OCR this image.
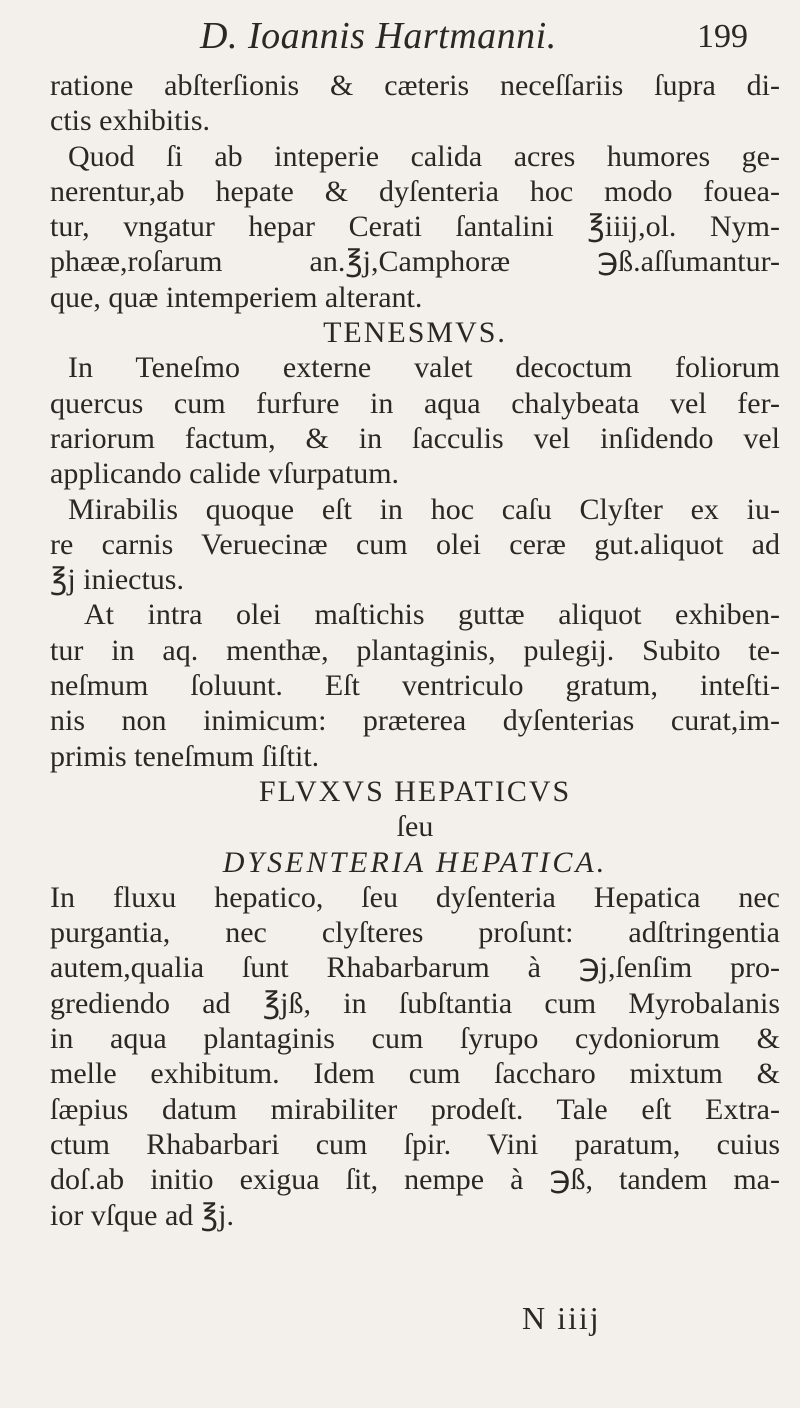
D. Ioannis Hartmanni.	199
ratione abſterſionis & cæteris neceſſariis ſupra di-
ctis exhibitis.
Quod ſi ab inteperie calida acres humores ge-
nerentur,ab hepate & dyſenteria hoc modo fouea-
tur, vngatur hepar Cerati ſantalini ℥iiij,ol. Nym-
phææ,roſarum an.℥j,Camphoræ ℈ß.aſſumantur-
que, quæ intemperiem alterant.
TENESMVS.
In Teneſmo externe valet decoctum foliorum
quercus cum furfure in aqua chalybeata vel fer-
rariorum factum, & in ſacculis vel inſidendo vel
applicando calide vſurpatum.
Mirabilis quoque eſt in hoc caſu Clyſter ex iu-
re carnis Veruecinæ cum olei ceræ gut.aliquot ad
℥j iniectus.
At intra olei maſtichis guttæ aliquot exhiben-
tur in aq. menthæ, plantaginis, pulegij. Subito te-
neſmum ſoluunt. Eſt ventriculo gratum, inteſti-
nis non inimicum: præterea dyſenterias curat,im-
primis teneſmum ſiſtit.
FLVXVS HEPATICVS
ſeu
DYSENTERIA HEPATICA.
In fluxu hepatico, ſeu dyſenteria Hepatica nec
purgantia, nec clyſteres proſunt: adſtringentia
autem,qualia ſunt Rhabarbarum à ℈j,ſenſim pro-
grediendo ad ℥jß, in ſubſtantia cum Myrobalanis
in aqua plantaginis cum ſyrupo cydoniorum &
melle exhibitum. Idem cum ſaccharo mixtum &
ſæpius datum mirabiliter prodeſt. Tale eſt Extra-
ctum Rhabarbari cum ſpir. Vini paratum, cuius
doſ.ab initio exigua ſit, nempe à ℈ß, tandem ma-
ior vſque ad ℥j.
N iiij
